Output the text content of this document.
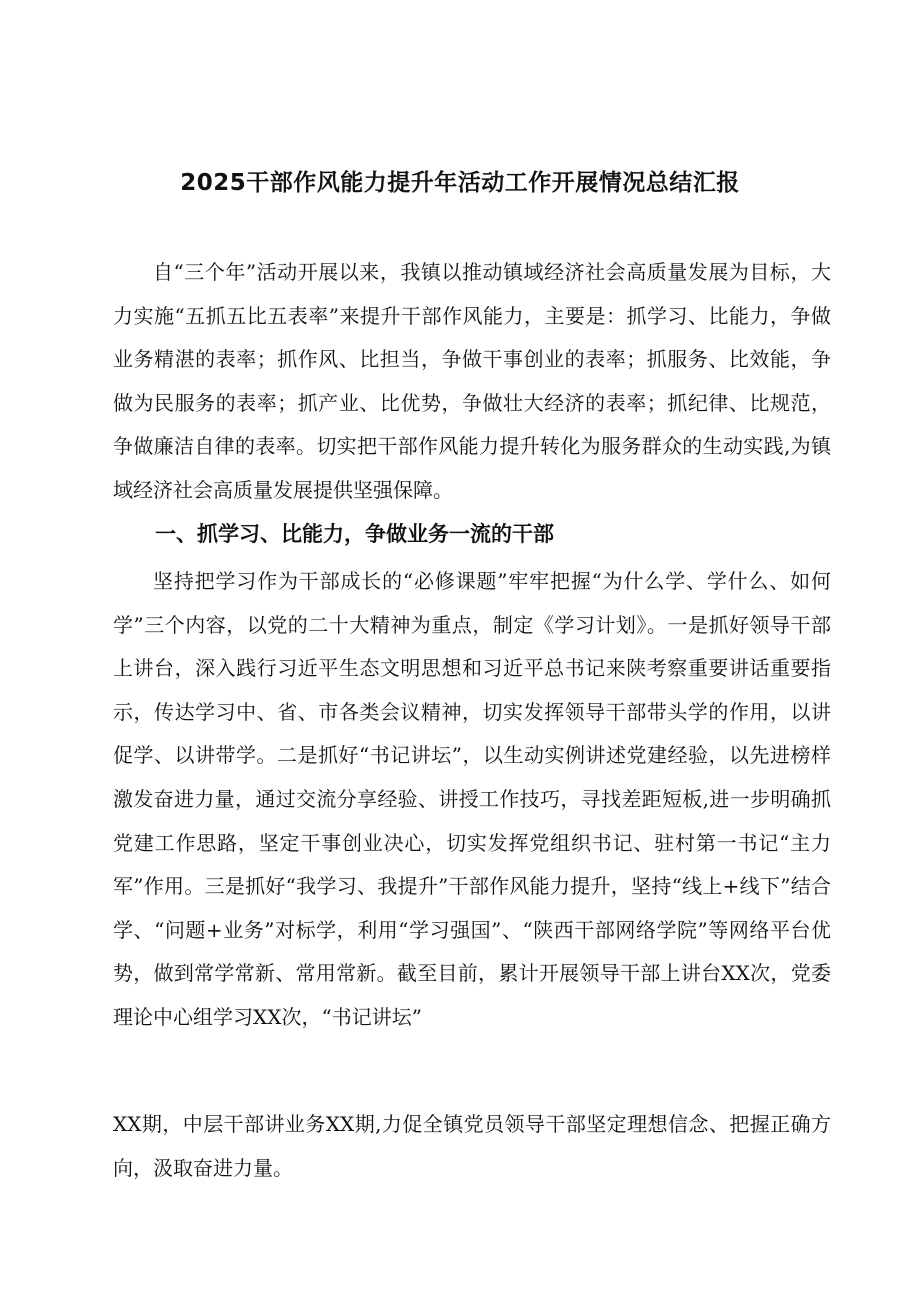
2025干部作风能力提升年活动工作开展情况总结汇报

自“三个年”活动开展以来，我镇以推动镇域经济社会高质量发展为目标，大力实施“五抓五比五表率”来提升干部作风能力，主要是：抓学习、比能力，争做业务精湛的表率；抓作风、比担当，争做干事创业的表率；抓服务、比效能，争做为民服务的表率；抓产业、比优势，争做壮大经济的表率；抓纪律、比规范，争做廉洁自律的表率。切实把干部作风能力提升转化为服务群众的生动实践,为镇域经济社会高质量发展提供坚强保障。

一、抓学习、比能力，争做业务一流的干部

坚持把学习作为干部成长的“必修课题”牢牢把握“为什么学、学什么、如何学”三个内容，以党的二十大精神为重点，制定《学习计划》。一是抓好领导干部上讲台，深入践行习近平生态文明思想和习近平总书记来陕考察重要讲话重要指示，传达学习中、省、市各类会议精神，切实发挥领导干部带头学的作用，以讲促学、以讲带学。二是抓好“书记讲坛”，以生动实例讲述党建经验，以先进榜样激发奋进力量，通过交流分享经验、讲授工作技巧，寻找差距短板,进一步明确抓党建工作思路，坚定干事创业决心，切实发挥党组织书记、驻村第一书记“主力军”作用。三是抓好“我学习、我提升”干部作风能力提升，坚持“线上+线下”结合学、“问题+业务”对标学，利用“学习强国”、“陕西干部网络学院”等网络平台优势，做到常学常新、常用常新。截至目前，累计开展领导干部上讲台XX次，党委理论中心组学习XX次，“书记讲坛”

XX期，中层干部讲业务XX期,力促全镇党员领导干部坚定理想信念、把握正确方向，汲取奋进力量。
